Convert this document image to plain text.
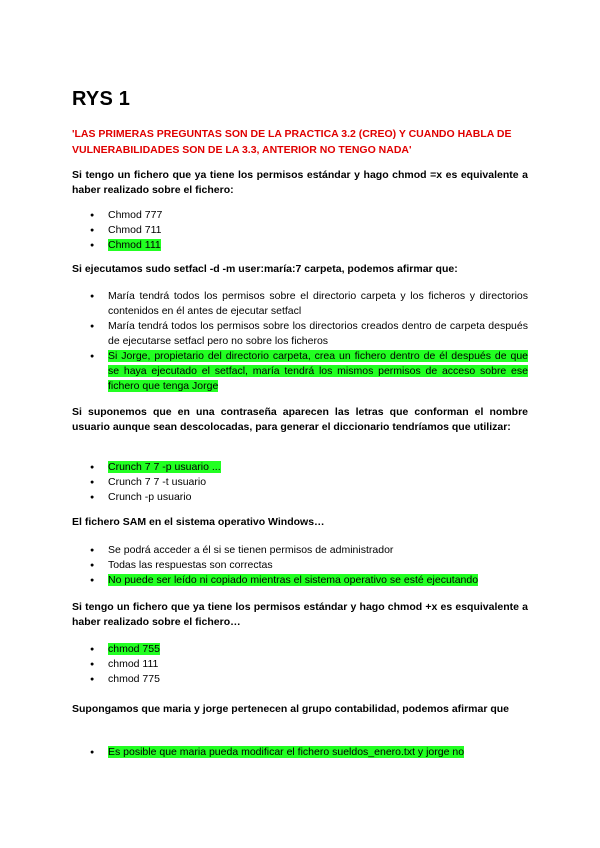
RYS 1

'LAS PRIMERAS PREGUNTAS SON DE LA PRACTICA 3.2 (CREO) Y CUANDO HABLA DE VULNERABILIDADES SON DE LA 3.3, ANTERIOR NO TENGO NADA'

Si tengo un fichero que ya tiene los permisos estándar y hago chmod =x es equivalente a haber realizado sobre el fichero:

● Chmod 777
● Chmod 711
● Chmod 111

Si ejecutamos sudo setfacl -d -m user:maría:7 carpeta, podemos afirmar que:

● María tendrá todos los permisos sobre el directorio carpeta y los ficheros y directorios contenidos en él antes de ejecutar setfacl
● María tendrá todos los permisos sobre los directorios creados dentro de carpeta después de ejecutarse setfacl pero no sobre los ficheros
● Si Jorge, propietario del directorio carpeta, crea un fichero dentro de él después de que se haya ejecutado el setfacl, maría tendrá los mismos permisos de acceso sobre ese fichero que tenga Jorge

Si suponemos que en una contraseña aparecen las letras que conforman el nombre usuario aunque sean descolocadas, para generar el diccionario tendríamos que utilizar:

● Crunch 7 7 -p usuario ...
● Crunch 7 7 -t usuario
● Crunch -p usuario

El fichero SAM en el sistema operativo Windows…

● Se podrá acceder a él si se tienen permisos de administrador
● Todas las respuestas son correctas
● No puede ser leído ni copiado mientras el sistema operativo se esté ejecutando

Si tengo un fichero que ya tiene los permisos estándar y hago chmod +x es esquivalente a haber realizado sobre el fichero…

● chmod 755
● chmod 111
● chmod 775

Supongamos que maria y jorge pertenecen al grupo contabilidad, podemos afirmar que

● Es posible que maria pueda modificar el fichero sueldos_enero.txt y jorge no
